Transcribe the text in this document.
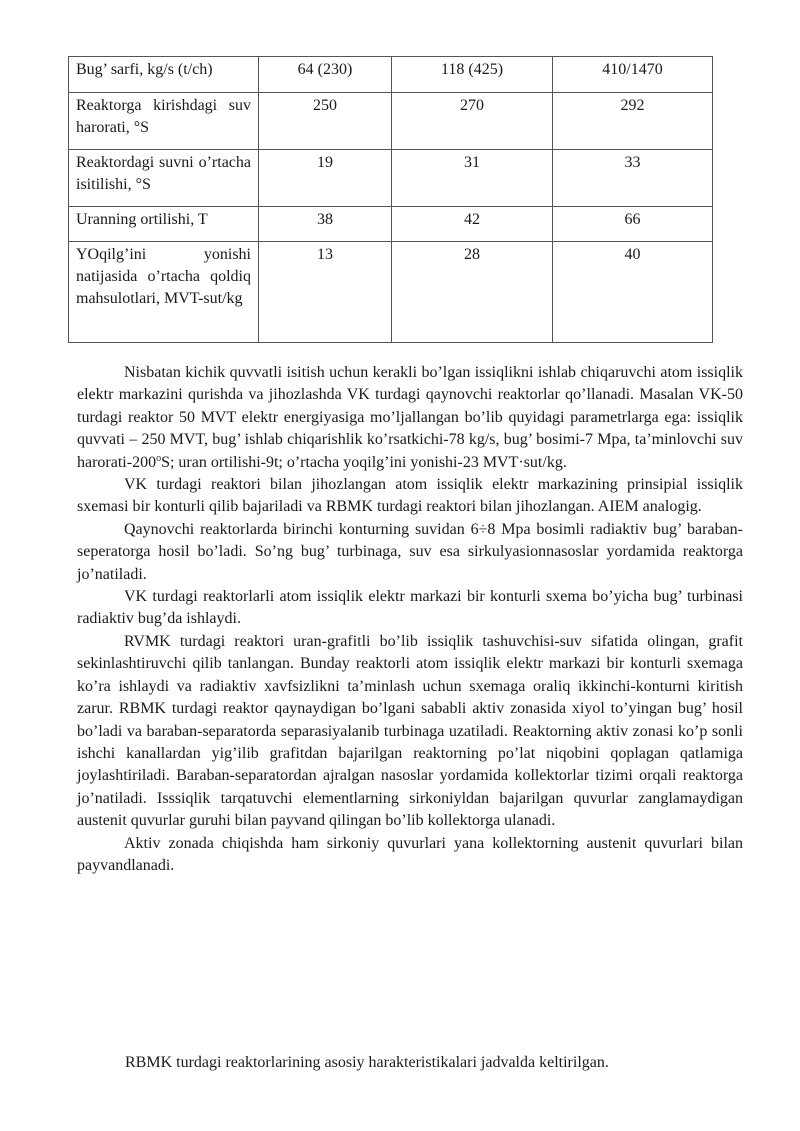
Bug’ sarfi, kg/s (t/ch)	64 (230)	118 (425)	410/1470
Reaktorga kirishdagi suv harorati, °S	250	270	292
Reaktordagi suvni o’rtacha isitilishi, °S	19	31	33
Uranning ortilishi, T	38	42	66
YOqilg’ini yonishi natijasida o’rtacha qoldiq mahsulotlari, MVT-sut/kg	13	28	40

Nisbatan kichik quvvatli isitish uchun kerakli bo’lgan issiqlikni ishlab chiqaruvchi atom issiqlik elektr markazini qurishda va jihozlashda VK turdagi qaynovchi reaktorlar qo’llanadi. Masalan VK-50 turdagi reaktor 50 MVT elektr energiyasiga mo’ljallangan bo’lib quyidagi parametrlarga ega: issiqlik quvvati – 250 MVT, bug’ ishlab chiqarishlik ko’rsatkichi-78 kg/s, bug’ bosimi-7 Mpa, ta’minlovchi suv harorati-200$^o$S; uran ortilishi-9t; o’rtacha yoqilg’ini yonishi-23 MVT·sut/kg.

VK turdagi reaktori bilan jihozlangan atom issiqlik elektr markazining prinsipial issiqlik sxemasi bir konturli qilib bajariladi va RBMK turdagi reaktori bilan jihozlangan. AIEM analogig.

Qaynovchi reaktorlarda birinchi konturning suvidan 6÷8 Mpa bosimli radiaktiv bug’ baraban-seperatorga hosil bo’ladi. So’ng bug’ turbinaga, suv esa sirkulyasionnasoslar yordamida reaktorga jo’natiladi.

VK turdagi reaktorlarli atom issiqlik elektr markazi bir konturli sxema bo’yicha bug’ turbinasi radiaktiv bug’da ishlaydi.

RVMK turdagi reaktori uran-grafitli bo’lib issiqlik tashuvchisi-suv sifatida olingan, grafit sekinlashtiruvchi qilib tanlangan. Bunday reaktorli atom issiqlik elektr markazi bir konturli sxemaga ko’ra ishlaydi va radiaktiv xavfsizlikni ta’minlash uchun sxemaga oraliq ikkinchi-konturni kiritish zarur. RBMK turdagi reaktor qaynaydigan bo’lgani sababli aktiv zonasida xiyol to’yingan bug’ hosil bo’ladi va baraban-separatorda separasiyalanib turbinaga uzatiladi. Reaktorning aktiv zonasi ko’p sonli ishchi kanallardan yig’ilib grafitdan bajarilgan reaktorning po’lat niqobini qoplagan qatlamiga joylashtiriladi. Baraban-separatordan ajralgan nasoslar yordamida kollektorlar tizimi orqali reaktorga jo’natiladi. Isssiqlik tarqatuvchi elementlarning sirkoniyldan bajarilgan quvurlar zanglamaydigan austenit quvurlar guruhi bilan payvand qilingan bo’lib kollektorga ulanadi.

Aktiv zonada chiqishda ham sirkoniy quvurlari yana kollektorning austenit quvurlari bilan payvandlanadi.

RBMK turdagi reaktorlarining asosiy harakteristikalari jadvalda keltirilgan.
